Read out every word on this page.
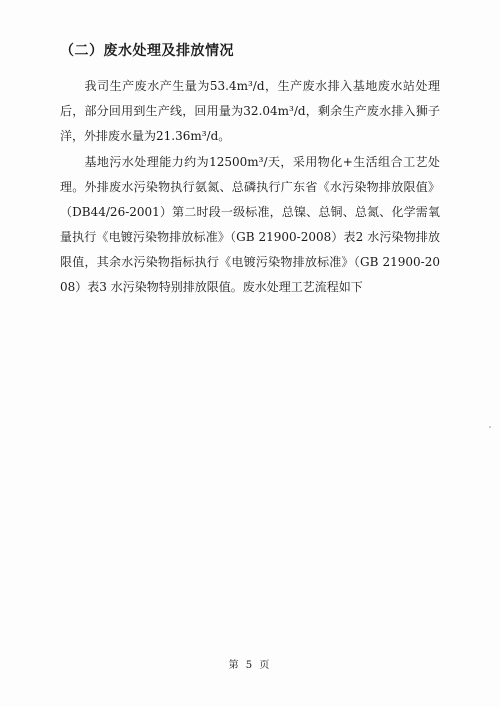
（二）废水处理及排放情况
我司生产废水产生量为53.4m³/d，生产废水排入基地废水站处理后，部分回用到生产线，回用量为32.04m³/d，剩余生产废水排入狮子洋，外排废水量为21.36m³/d。
基地污水处理能力约为12500m³/天，采用物化+生活组合工艺处理。外排废水污染物执行氨氮、总磷执行广东省《水污染物排放限值》（DB44/26-2001）第二时段一级标准，总镍、总铜、总氮、化学需氧量执行《电镀污染物排放标准》（GB 21900-2008）表2 水污染物排放限值，其余水污染物指标执行《电镀污染物排放标准》（GB 21900-2008）表3 水污染物特别排放限值。废水处理工艺流程如下
第 5 页
